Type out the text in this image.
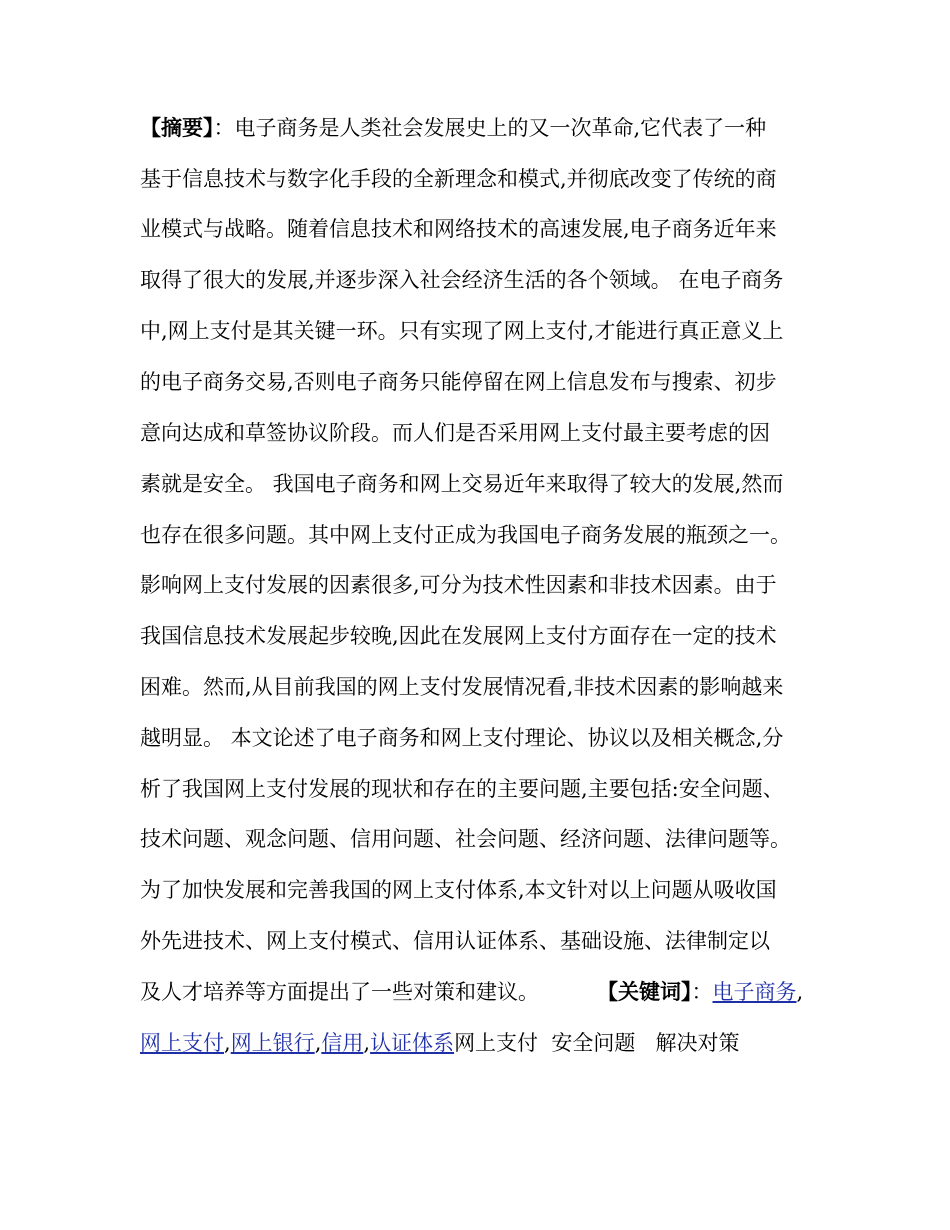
【摘要】：电子商务是人类社会发展史上的又一次革命,它代表了一种
基于信息技术与数字化手段的全新理念和模式,并彻底改变了传统的商
业模式与战略。随着信息技术和网络技术的高速发展,电子商务近年来
取得了很大的发展,并逐步深入社会经济生活的各个领域。 在电子商务
中,网上支付是其关键一环。只有实现了网上支付,才能进行真正意义上
的电子商务交易,否则电子商务只能停留在网上信息发布与搜索、初步
意向达成和草签协议阶段。而人们是否采用网上支付最主要考虑的因
素就是安全。 我国电子商务和网上交易近年来取得了较大的发展,然而
也存在很多问题。其中网上支付正成为我国电子商务发展的瓶颈之一。
影响网上支付发展的因素很多,可分为技术性因素和非技术因素。由于
我国信息技术发展起步较晚,因此在发展网上支付方面存在一定的技术
困难。然而,从目前我国的网上支付发展情况看,非技术因素的影响越来
越明显。 本文论述了电子商务和网上支付理论、协议以及相关概念,分
析了我国网上支付发展的现状和存在的主要问题,主要包括:安全问题、
技术问题、观念问题、信用问题、社会问题、经济问题、法律问题等。
为了加快发展和完善我国的网上支付体系,本文针对以上问题从吸收国
外先进技术、网上支付模式、信用认证体系、基础设施、法律制定以
及人才培养等方面提出了一些对策和建议。	【关键词】：电子商务,
网上支付,网上银行,信用,认证体系网上支付  安全问题   解决对策
